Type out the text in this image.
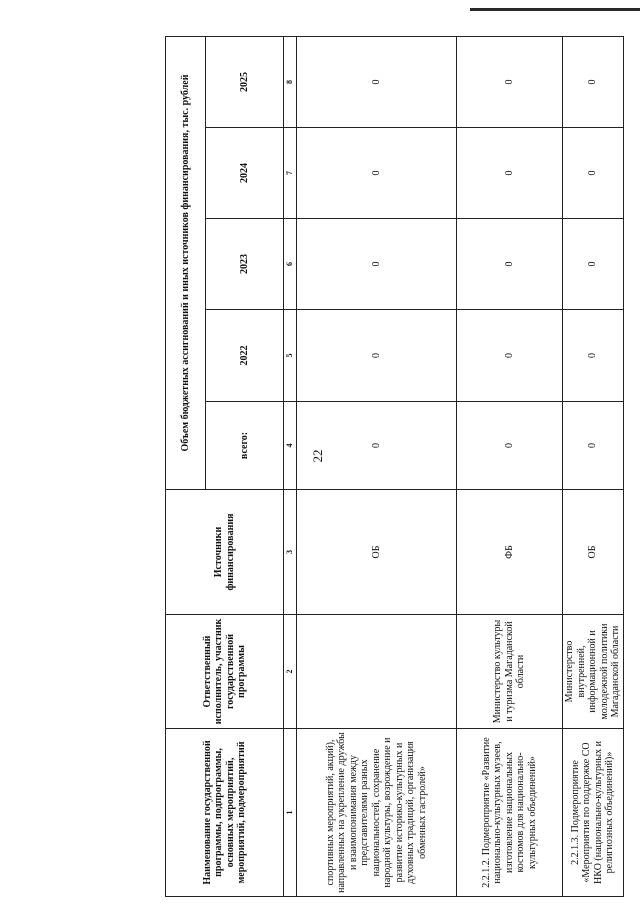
22
Наименование государственной программы, подпрограммы, основных мероприятий, мероприятий, подмероприятий	Ответственный исполнитель, участник государственной программы	Источники финансирования	Объем бюджетных ассигнований и иных источников финансирования, тыс. рублей				
			всего:	2022	2023	2024	2025
1	2	3	4	5	6	7	8
спортивных мероприятий, акций), направленных на укрепление дружбы и взаимопонимания между представителями разных национальностей, сохранение народной культуры, возрождение и развитие историко-культурных и духовных традиций, организация обменных гастролей»		ОБ	0	0	0	0	0
2.2.1.2. Подмероприятие «Развитие национально-культурных музеев, изготовление национальных костюмов для национально-культурных объединений»	Министерство культуры и туризма Магаданской области	ФБ	0	0	0	0	0
2.2.1.3. Подмероприятие «Мероприятия по поддержке СО НКО (национально-культурных и религиозных объединений)»	Министерство внутренней, информационной и молодежной политики Магаданской области	ОБ	0	0	0	0	0
